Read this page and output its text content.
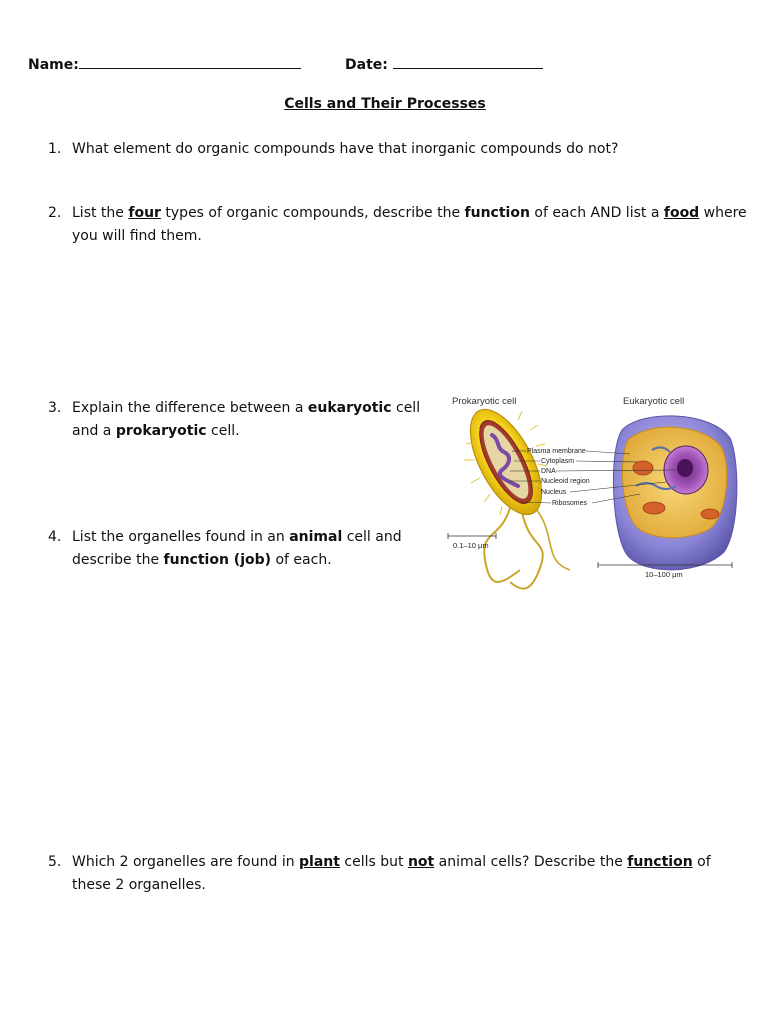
Name:	Date:
Cells and Their Processes
1. What element do organic compounds have that inorganic compounds do not?
2. List the four types of organic compounds, describe the function of each AND list a food where
you will find them.
3. Explain the difference between a eukaryotic cell
and a prokaryotic cell.
4. List the organelles found in an animal cell and
describe the function (job) of each.
5. Which 2 organelles are found in plant cells but not animal cells? Describe the function of
these 2 organelles.
Prokaryotic cell	Eukaryotic cell
Plasma membrane
Cytoplasm
DNA
Nucleoid region
Nucleus
Ribosomes
0.1–10 μm
10–100 μm
